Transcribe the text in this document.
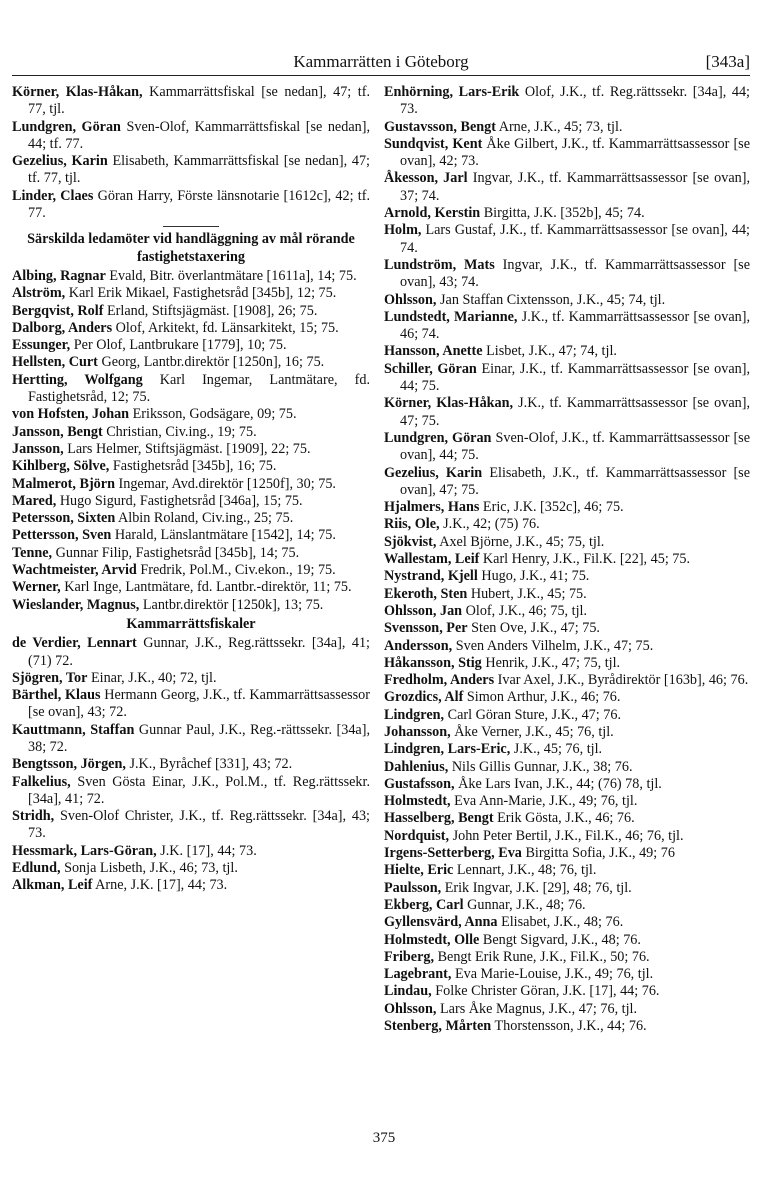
Kammarrätten i Göteborg	[343a]

Körner, Klas-Håkan, Kammarrättsfiskal [se nedan], 47; tf. 77, tjl.

Lundgren, Göran Sven-Olof, Kammarrättsfiskal [se nedan], 44; tf. 77.

Gezelius, Karin Elisabeth, Kammarrättsfiskal [se nedan], 47; tf. 77, tjl.

Linder, Claes Göran Harry, Förste länsnotarie [1612c], 42; tf. 77.

Särskilda ledamöter vid handläggning av mål rörande fastighetstaxering

Albing, Ragnar Evald, Bitr. överlantmätare [1611a], 14; 75.

Alström, Karl Erik Mikael, Fastighetsråd [345b], 12; 75.

Bergqvist, Rolf Erland, Stiftsjägmäst. [1908], 26; 75.

Dalborg, Anders Olof, Arkitekt, fd. Länsarkitekt, 15; 75.

Essunger, Per Olof, Lantbrukare [1779], 10; 75.

Hellsten, Curt Georg, Lantbr.direktör [1250n], 16; 75.

Hertting, Wolfgang Karl Ingemar, Lantmätare, fd. Fastighetsråd, 12; 75.

von Hofsten, Johan Eriksson, Godsägare, 09; 75.

Jansson, Bengt Christian, Civ.ing., 19; 75.

Jansson, Lars Helmer, Stiftsjägmäst. [1909], 22; 75.

Kihlberg, Sölve, Fastighetsråd [345b], 16; 75.

Malmerot, Björn Ingemar, Avd.direktör [1250f], 30; 75.

Mared, Hugo Sigurd, Fastighetsråd [346a], 15; 75.

Petersson, Sixten Albin Roland, Civ.ing., 25; 75.

Pettersson, Sven Harald, Länslantmätare [1542], 14; 75.

Tenne, Gunnar Filip, Fastighetsråd [345b], 14; 75.

Wachtmeister, Arvid Fredrik, Pol.M., Civ.ekon., 19; 75.

Werner, Karl Inge, Lantmätare, fd. Lantbr.-direktör, 11; 75.

Wieslander, Magnus, Lantbr.direktör [1250k], 13; 75.

Kammarrättsfiskaler

de Verdier, Lennart Gunnar, J.K., Reg.rättssekr. [34a], 41; (71) 72.

Sjögren, Tor Einar, J.K., 40; 72, tjl.

Bärthel, Klaus Hermann Georg, J.K., tf. Kammarrättsassessor [se ovan], 43; 72.

Kauttmann, Staffan Gunnar Paul, J.K., Reg.-rättssekr. [34a], 38; 72.

Bengtsson, Jörgen, J.K., Byråchef [331], 43; 72.

Falkelius, Sven Gösta Einar, J.K., Pol.M., tf. Reg.rättssekr. [34a], 41; 72.

Stridh, Sven-Olof Christer, J.K., tf. Reg.rättssekr. [34a], 43; 73.

Hessmark, Lars-Göran, J.K. [17], 44; 73.

Edlund, Sonja Lisbeth, J.K., 46; 73, tjl.

Alkman, Leif Arne, J.K. [17], 44; 73.

Enhörning, Lars-Erik Olof, J.K., tf. Reg.rättssekr. [34a], 44; 73.

Gustavsson, Bengt Arne, J.K., 45; 73, tjl.

Sundqvist, Kent Åke Gilbert, J.K., tf. Kammarrättsassessor [se ovan], 42; 73.

Åkesson, Jarl Ingvar, J.K., tf. Kammarrättsassessor [se ovan], 37; 74.

Arnold, Kerstin Birgitta, J.K. [352b], 45; 74.

Holm, Lars Gustaf, J.K., tf. Kammarrättsassessor [se ovan], 44; 74.

Lundström, Mats Ingvar, J.K., tf. Kammarrättsassessor [se ovan], 43; 74.

Ohlsson, Jan Staffan Cixtensson, J.K., 45; 74, tjl.

Lundstedt, Marianne, J.K., tf. Kammarrättsassessor [se ovan], 46; 74.

Hansson, Anette Lisbet, J.K., 47; 74, tjl.

Schiller, Göran Einar, J.K., tf. Kammarrättsassessor [se ovan], 44; 75.

Körner, Klas-Håkan, J.K., tf. Kammarrättsassessor [se ovan], 47; 75.

Lundgren, Göran Sven-Olof, J.K., tf. Kammarrättsassessor [se ovan], 44; 75.

Gezelius, Karin Elisabeth, J.K., tf. Kammarrättsassessor [se ovan], 47; 75.

Hjalmers, Hans Eric, J.K. [352c], 46; 75.

Riis, Ole, J.K., 42; (75) 76.

Sjökvist, Axel Björne, J.K., 45; 75, tjl.

Wallestam, Leif Karl Henry, J.K., Fil.K. [22], 45; 75.

Nystrand, Kjell Hugo, J.K., 41; 75.

Ekeroth, Sten Hubert, J.K., 45; 75.

Ohlsson, Jan Olof, J.K., 46; 75, tjl.

Svensson, Per Sten Ove, J.K., 47; 75.

Andersson, Sven Anders Vilhelm, J.K., 47; 75.

Håkansson, Stig Henrik, J.K., 47; 75, tjl.

Fredholm, Anders Ivar Axel, J.K., Byrådirektör [163b], 46; 76.

Grozdics, Alf Simon Arthur, J.K., 46; 76.

Lindgren, Carl Göran Sture, J.K., 47; 76.

Johansson, Åke Verner, J.K., 45; 76, tjl.

Lindgren, Lars-Eric, J.K., 45; 76, tjl.

Dahlenius, Nils Gillis Gunnar, J.K., 38; 76.

Gustafsson, Åke Lars Ivan, J.K., 44; (76) 78, tjl.

Holmstedt, Eva Ann-Marie, J.K., 49; 76, tjl.

Hasselberg, Bengt Erik Gösta, J.K., 46; 76.

Nordquist, John Peter Bertil, J.K., Fil.K., 46; 76, tjl.

Irgens-Setterberg, Eva Birgitta Sofia, J.K., 49; 76

Hielte, Eric Lennart, J.K., 48; 76, tjl.

Paulsson, Erik Ingvar, J.K. [29], 48; 76, tjl.

Ekberg, Carl Gunnar, J.K., 48; 76.

Gyllensvärd, Anna Elisabet, J.K., 48; 76.

Holmstedt, Olle Bengt Sigvard, J.K., 48; 76.

Friberg, Bengt Erik Rune, J.K., Fil.K., 50; 76.

Lagebrant, Eva Marie-Louise, J.K., 49; 76, tjl.

Lindau, Folke Christer Göran, J.K. [17], 44; 76.

Ohlsson, Lars Åke Magnus, J.K., 47; 76, tjl.

Stenberg, Mårten Thorstensson, J.K., 44; 76.

375
